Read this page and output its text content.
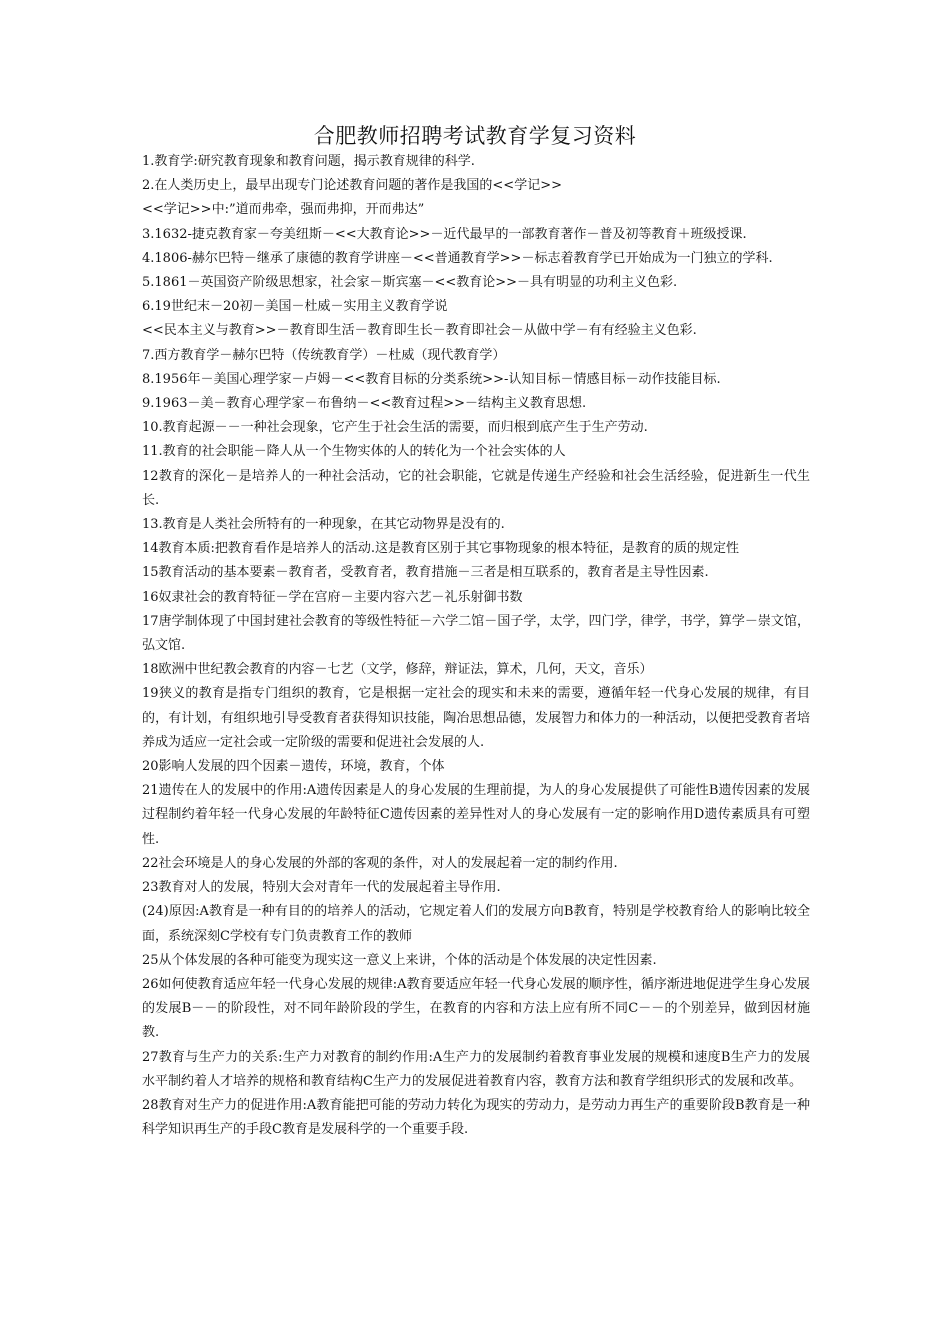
合肥教师招聘考试教育学复习资料

1.教育学:研究教育现象和教育问题，揭示教育规律的科学.

2.在人类历史上，最早出现专门论述教育问题的著作是我国的<<学记>>

<<学记>>中:”道而弗牵，强而弗抑，开而弗达”

3.1632-捷克教育家－夸美纽斯－<<大教育论>>－近代最早的一部教育著作－普及初等教育＋班级授课.

4.1806-赫尔巴特－继承了康德的教育学讲座－<<普通教育学>>－标志着教育学已开始成为一门独立的学科.

5.1861－英国资产阶级思想家，社会家－斯宾塞－<<教育论>>－具有明显的功利主义色彩.

6.19世纪末－20初－美国－杜威－实用主义教育学说

<<民本主义与教育>>－教育即生活－教育即生长－教育即社会－从做中学－有有经验主义色彩.

7.西方教育学－赫尔巴特（传统教育学）－杜威（现代教育学）

8.1956年－美国心理学家－卢姆－<<教育目标的分类系统>>-认知目标－情感目标－动作技能目标.

9.1963－美－教育心理学家－布鲁纳－<<教育过程>>－结构主义教育思想.

10.教育起源－－一种社会现象，它产生于社会生活的需要，而归根到底产生于生产劳动.

11.教育的社会职能－降人从一个生物实体的人的转化为一个社会实体的人

12教育的深化－是培养人的一种社会活动，它的社会职能，它就是传递生产经验和社会生活经验，促进新生一代生长.

13.教育是人类社会所特有的一种现象，在其它动物界是没有的.

14教育本质:把教育看作是培养人的活动.这是教育区别于其它事物现象的根本特征，是教育的质的规定性

15教育活动的基本要素－教育者，受教育者，教育措施－三者是相互联系的，教育者是主导性因素.

16奴隶社会的教育特征－学在宫府－主要内容六艺－礼乐射御书数

17唐学制体现了中国封建社会教育的等级性特征－六学二馆－国子学，太学，四门学，律学，书学，算学－崇文馆，弘文馆.

18欧洲中世纪教会教育的内容－七艺（文学，修辞，辩证法，算术，几何，天文，音乐）

19狭义的教育是指专门组织的教育，它是根据一定社会的现实和未来的需要，遵循年轻一代身心发展的规律，有目的，有计划，有组织地引导受教育者获得知识技能，陶冶思想品德，发展智力和体力的一种活动，以便把受教育者培养成为适应一定社会或一定阶级的需要和促进社会发展的人.

20影响人发展的四个因素－遗传，环境，教育，个体

21遗传在人的发展中的作用:A遗传因素是人的身心发展的生理前提，为人的身心发展提供了可能性B遗传因素的发展过程制约着年轻一代身心发展的年龄特征C遗传因素的差异性对人的身心发展有一定的影响作用D遗传素质具有可塑性.

22社会环境是人的身心发展的外部的客观的条件，对人的发展起着一定的制约作用.

23教育对人的发展，特别大会对青年一代的发展起着主导作用.

(24)原因:A教育是一种有目的的培养人的活动，它规定着人们的发展方向B教育，特别是学校教育给人的影响比较全面，系统深刻C学校有专门负责教育工作的教师

25从个体发展的各种可能变为现实这一意义上来讲，个体的活动是个体发展的决定性因素.

26如何使教育适应年轻一代身心发展的规律:A教育要适应年轻一代身心发展的顺序性，循序渐进地促进学生身心发展的发展B－－的阶段性，对不同年龄阶段的学生，在教育的内容和方法上应有所不同C－－的个别差异，做到因材施教.

27教育与生产力的关系:生产力对教育的制约作用:A生产力的发展制约着教育事业发展的规模和速度B生产力的发展水平制约着人才培养的规格和教育结构C生产力的发展促进着教育内容，教育方法和教育学组织形式的发展和改革。

28教育对生产力的促进作用:A教育能把可能的劳动力转化为现实的劳动力，是劳动力再生产的重要阶段B教育是一种科学知识再生产的手段C教育是发展科学的一个重要手段.
